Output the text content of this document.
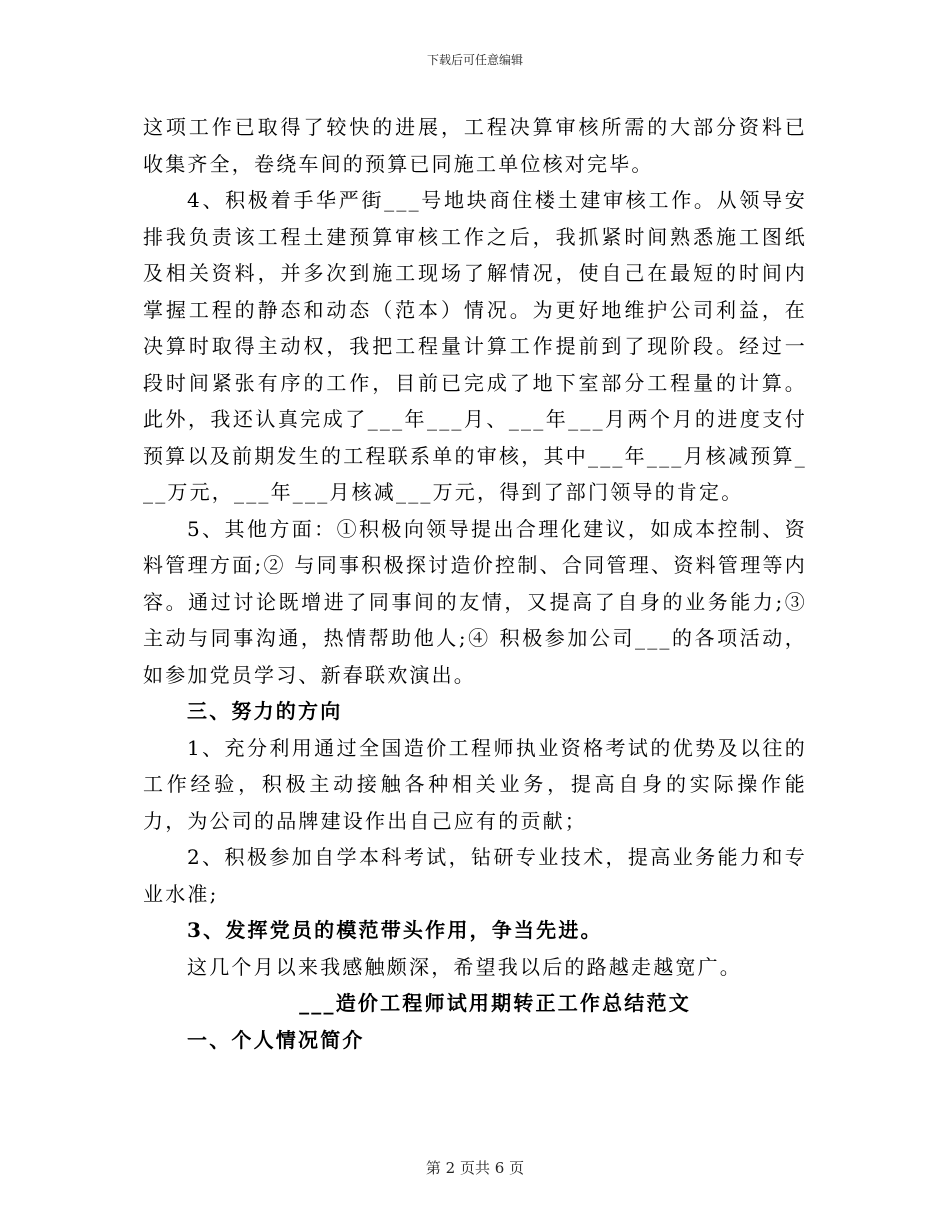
下载后可任意编辑

这项工作已取得了较快的进展，工程决算审核所需的大部分资料已收集齐全，卷绕车间的预算已同施工单位核对完毕。

4、积极着手华严街___号地块商住楼土建审核工作。从领导安排我负责该工程土建预算审核工作之后，我抓紧时间熟悉施工图纸及相关资料，并多次到施工现场了解情况，使自己在最短的时间内掌握工程的静态和动态（范本）情况。为更好地维护公司利益，在决算时取得主动权，我把工程量计算工作提前到了现阶段。经过一段时间紧张有序的工作，目前已完成了地下室部分工程量的计算。此外，我还认真完成了___年___月、___年___月两个月的进度支付预算以及前期发生的工程联系单的审核，其中___年___月核减预算___万元，___年___月核减___万元，得到了部门领导的肯定。

5、其他方面：①积极向领导提出合理化建议，如成本控制、资料管理方面;② 与同事积极探讨造价控制、合同管理、资料管理等内容。通过讨论既增进了同事间的友情，又提高了自身的业务能力;③ 主动与同事沟通，热情帮助他人;④ 积极参加公司___的各项活动，如参加党员学习、新春联欢演出。

三、努力的方向

1、充分利用通过全国造价工程师执业资格考试的优势及以往的工作经验，积极主动接触各种相关业务，提高自身的实际操作能力，为公司的品牌建设作出自己应有的贡献；

2、积极参加自学本科考试，钻研专业技术，提高业务能力和专业水准;

3、发挥党员的模范带头作用，争当先进。

这几个月以来我感触颇深，希望我以后的路越走越宽广。

___造价工程师试用期转正工作总结范文

一、个人情况简介

第 2 页共 6 页
